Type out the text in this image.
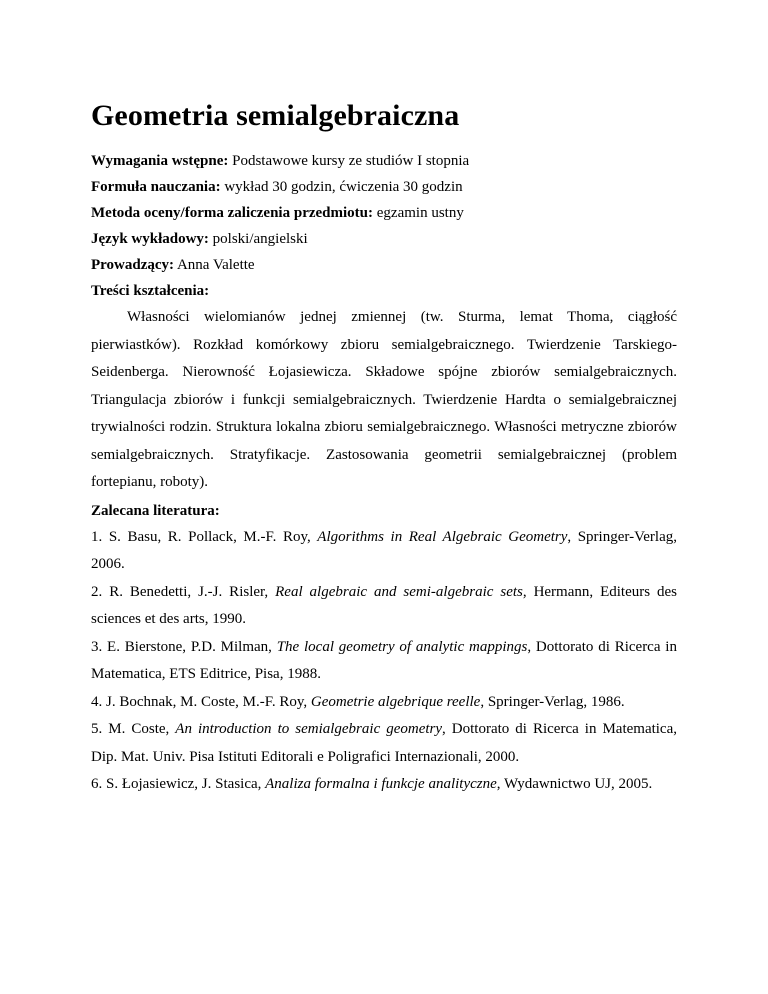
Geometria semialgebraiczna
Wymagania wstępne: Podstawowe kursy ze studiów I stopnia
Formuła nauczania: wykład 30 godzin, ćwiczenia 30 godzin
Metoda oceny/forma zaliczenia przedmiotu: egzamin ustny
Język wykładowy: polski/angielski
Prowadzący: Anna Valette
Treści kształcenia:

Własności wielomianów jednej zmiennej (tw. Sturma, lemat Thoma, ciągłość pierwiastków). Rozkład komórkowy zbioru semialgebraicznego. Twierdzenie Tarskiego-Seidenberga. Nierowność Łojasiewicza. Składowe spójne zbiorów semialgebraicznych. Triangulacja zbiorów i funkcji semialgebraicznych. Twierdzenie Hardta o semialgebraicznej trywialności rodzin. Struktura lokalna zbioru semialgebraicznego. Własności metryczne zbiorów semialgebraicznych. Stratyfikacje. Zastosowania geometrii semialgebraicznej (problem fortepianu, roboty).

Zalecana literatura:
1. S. Basu, R. Pollack, M.-F. Roy, Algorithms in Real Algebraic Geometry, Springer-Verlag, 2006.
2. R. Benedetti, J.-J. Risler, Real algebraic and semi-algebraic sets, Hermann, Editeurs des sciences et des arts, 1990.
3. E. Bierstone, P.D. Milman, The local geometry of analytic mappings, Dottorato di Ricerca in Matematica, ETS Editrice, Pisa, 1988.
4. J. Bochnak, M. Coste, M.-F. Roy, Geometrie algebrique reelle, Springer-Verlag, 1986.
5. M. Coste, An introduction to semialgebraic geometry, Dottorato di Ricerca in Matematica, Dip. Mat. Univ. Pisa Istituti Editorali e Poligrafici Internazionali, 2000.
6. S. Łojasiewicz, J. Stasica, Analiza formalna i funkcje analityczne, Wydawnictwo UJ, 2005.
